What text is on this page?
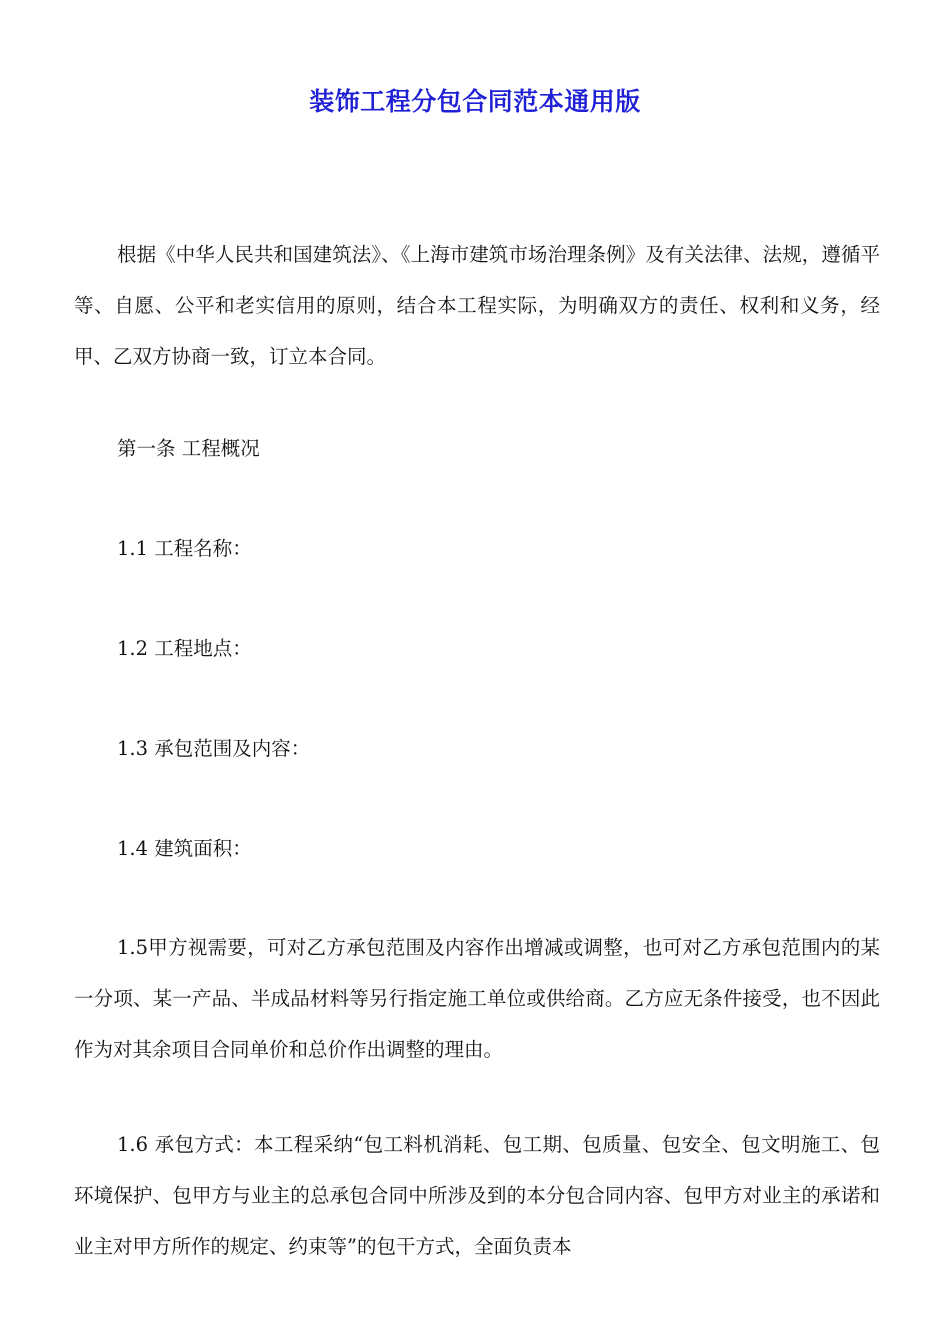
装饰工程分包合同范本通用版

根据《中华人民共和国建筑法》、《上海市建筑市场治理条例》及有关法律、法规，遵循平等、自愿、公平和老实信用的原则，结合本工程实际，为明确双方的责任、权利和义务，经甲、乙双方协商一致，订立本合同。

第一条 工程概况

1.1 工程名称：

1.2 工程地点：

1.3 承包范围及内容：

1.4 建筑面积：

1.5甲方视需要，可对乙方承包范围及内容作出增减或调整，也可对乙方承包范围内的某一分项、某一产品、半成品材料等另行指定施工单位或供给商。乙方应无条件接受，也不因此作为对其余项目合同单价和总价作出调整的理由。

1.6 承包方式：本工程采纳“包工料机消耗、包工期、包质量、包安全、包文明施工、包环境保护、包甲方与业主的总承包合同中所涉及到的本分包合同内容、包甲方对业主的承诺和业主对甲方所作的规定、约束等”的包干方式，全面负责本
